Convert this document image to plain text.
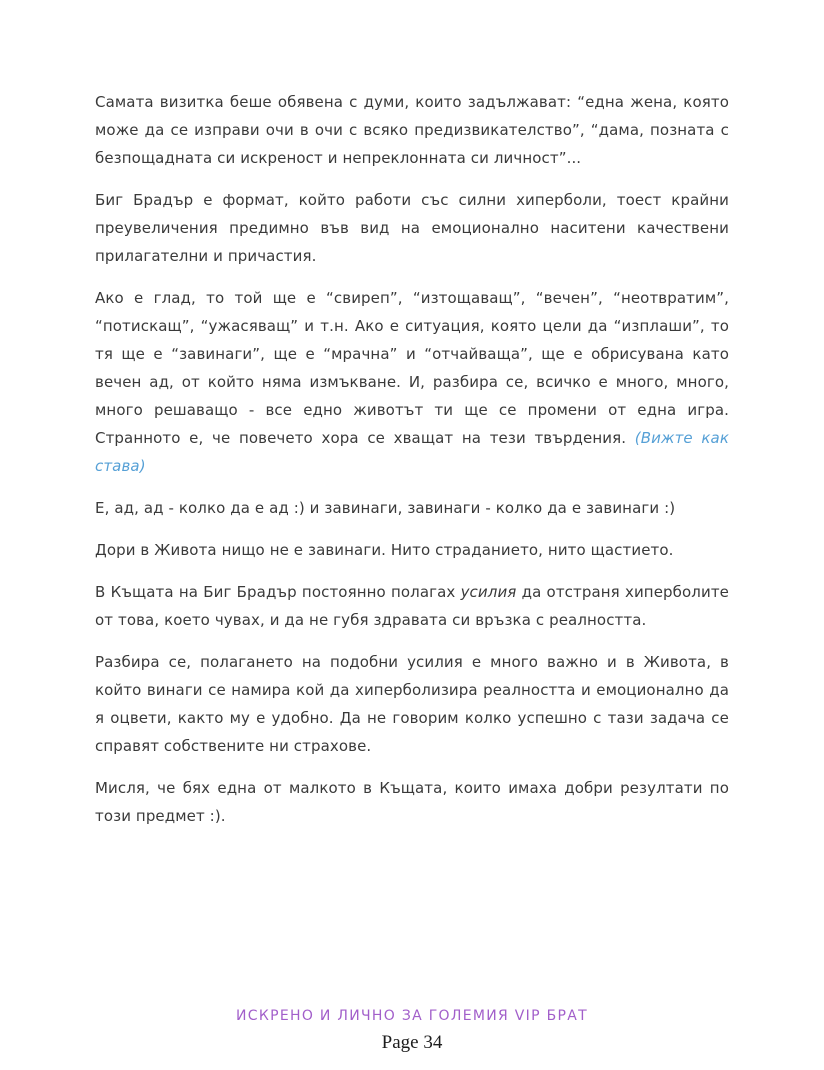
Самата визитка беше обявена с думи, които задължават: “една жена, която може да се изправи очи в очи с всяко предизвикателство”, “дама, позната с безпощадната си искреност и непреклонната си личност”...

Биг Брадър е формат, който работи със силни хиперболи, тоест крайни преувеличения предимно във вид на емоционално наситени качествени прилагателни и причастия.

Ако е глад, то той ще е “свиреп”, “изтощаващ”, “вечен”, “неотвратим”, “потискащ”, “ужасяващ” и т.н. Ако е ситуация, която цели да “изплаши”, то тя ще е “завинаги”, ще е “мрачна” и “отчайваща”, ще е обрисувана като вечен ад, от който няма измъкване. И, разбира се, всичко е много, много, много решаващо - все едно животът ти ще се промени от една игра. Странното е, че повечето хора се хващат на тези твърдения. (Вижте как става)

Е, ад, ад - колко да е ад :) и завинаги, завинаги - колко да е завинаги :)

Дори в Живота нищо не е завинаги. Нито страданието, нито щастието.

В Къщата на Биг Брадър постоянно полагах усилия да отстраня хиперболите от това, което чувах, и да не губя здравата си връзка с реалността.

Разбира се, полагането на подобни усилия е много важно и в Живота, в който винаги се намира кой да хиперболизира реалността и емоционално да я оцвети, както му е удобно. Да не говорим колко успешно с тази задача се справят собствените ни страхове.

Мисля, че бях една от малкото в Къщата, които имаха добри резултати по този предмет :).

ИСКРЕНО И ЛИЧНО ЗА ГОЛЕМИЯ VIP БРАТ
Page 34
